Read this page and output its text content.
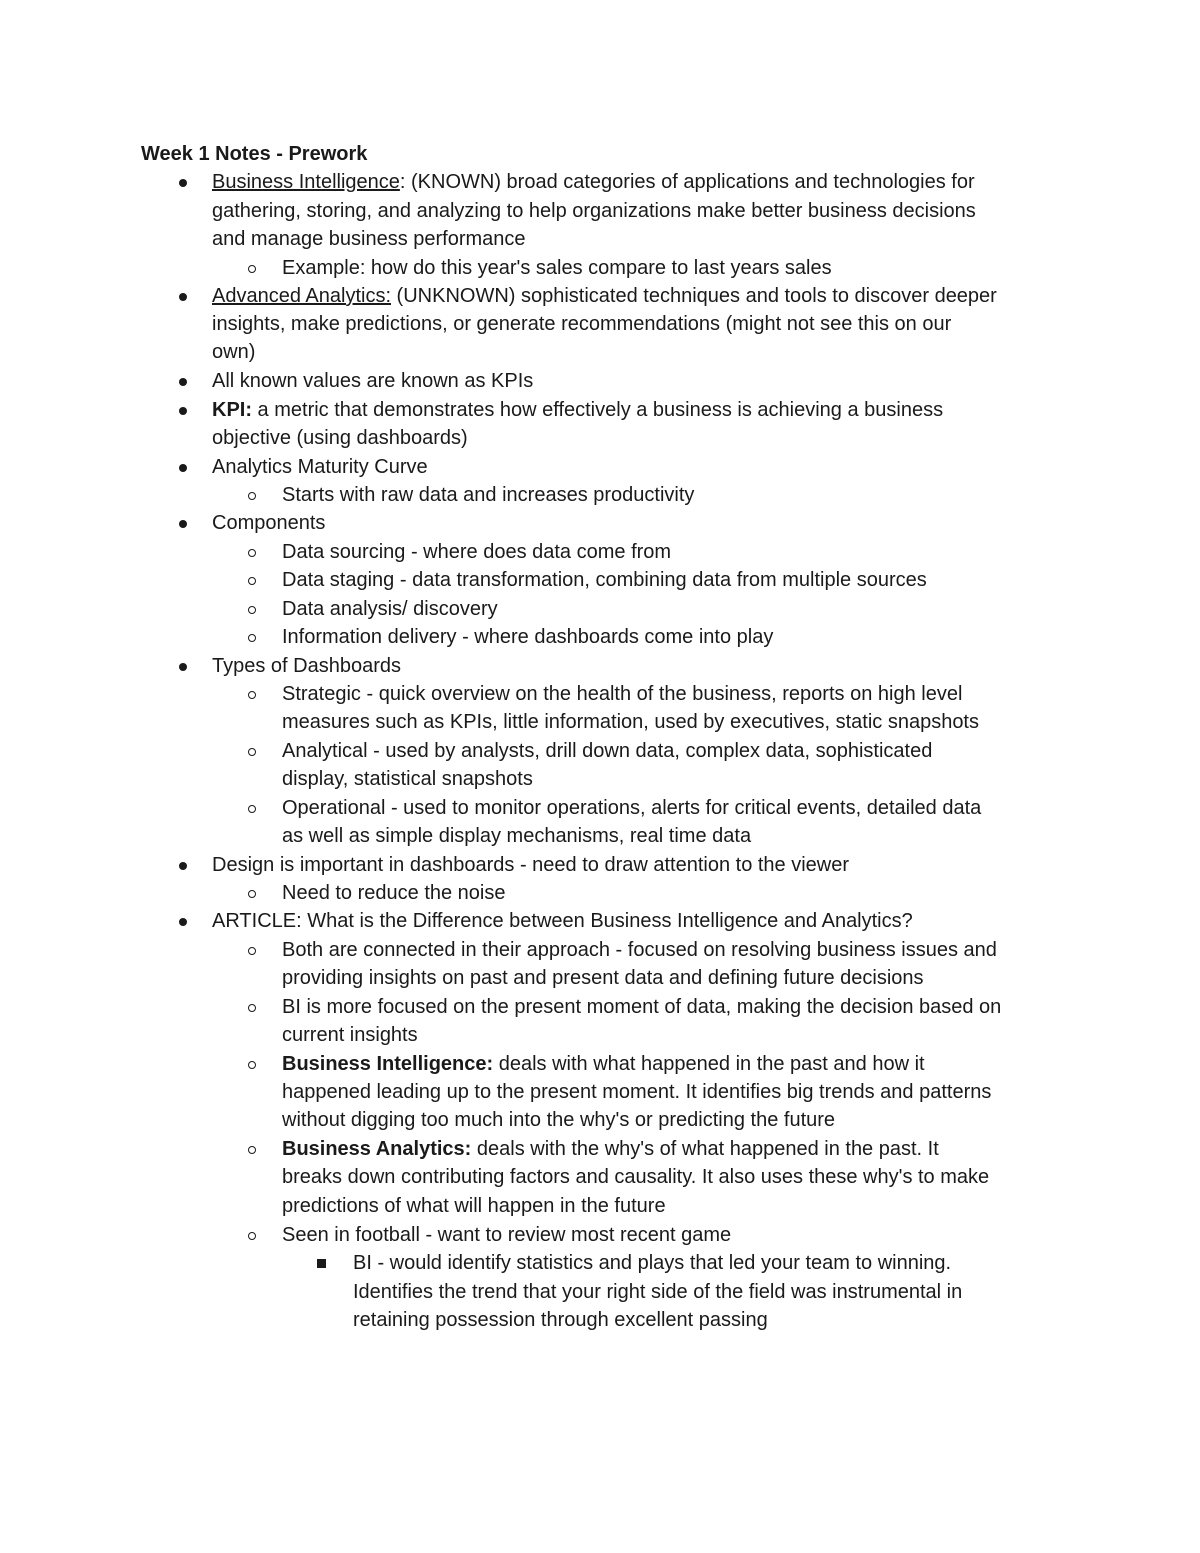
Week 1 Notes - Prework
Business Intelligence: (KNOWN) broad categories of applications and technologies for
gathering, storing, and analyzing to help organizations make better business decisions
and manage business performance
Example: how do this year's sales compare to last years sales
Advanced Analytics: (UNKNOWN) sophisticated techniques and tools to discover deeper
insights, make predictions, or generate recommendations (might not see this on our
own)
All known values are known as KPIs
KPI: a metric that demonstrates how effectively a business is achieving a business
objective (using dashboards)
Analytics Maturity Curve
Starts with raw data and increases productivity
Components
Data sourcing - where does data come from
Data staging - data transformation, combining data from multiple sources
Data analysis/ discovery
Information delivery - where dashboards come into play
Types of Dashboards
Strategic - quick overview on the health of the business, reports on high level
measures such as KPIs, little information, used by executives, static snapshots
Analytical - used by analysts, drill down data, complex data, sophisticated
display, statistical snapshots
Operational - used to monitor operations, alerts for critical events, detailed data
as well as simple display mechanisms, real time data
Design is important in dashboards - need to draw attention to the viewer
Need to reduce the noise
ARTICLE: What is the Difference between Business Intelligence and Analytics?
Both are connected in their approach - focused on resolving business issues and
providing insights on past and present data and defining future decisions
BI is more focused on the present moment of data, making the decision based on
current insights
Business Intelligence: deals with what happened in the past and how it
happened leading up to the present moment. It identifies big trends and patterns
without digging too much into the why's or predicting the future
Business Analytics: deals with the why's of what happened in the past. It
breaks down contributing factors and causality. It also uses these why's to make
predictions of what will happen in the future
Seen in football - want to review most recent game
BI - would identify statistics and plays that led your team to winning.
Identifies the trend that your right side of the field was instrumental in
retaining possession through excellent passing
